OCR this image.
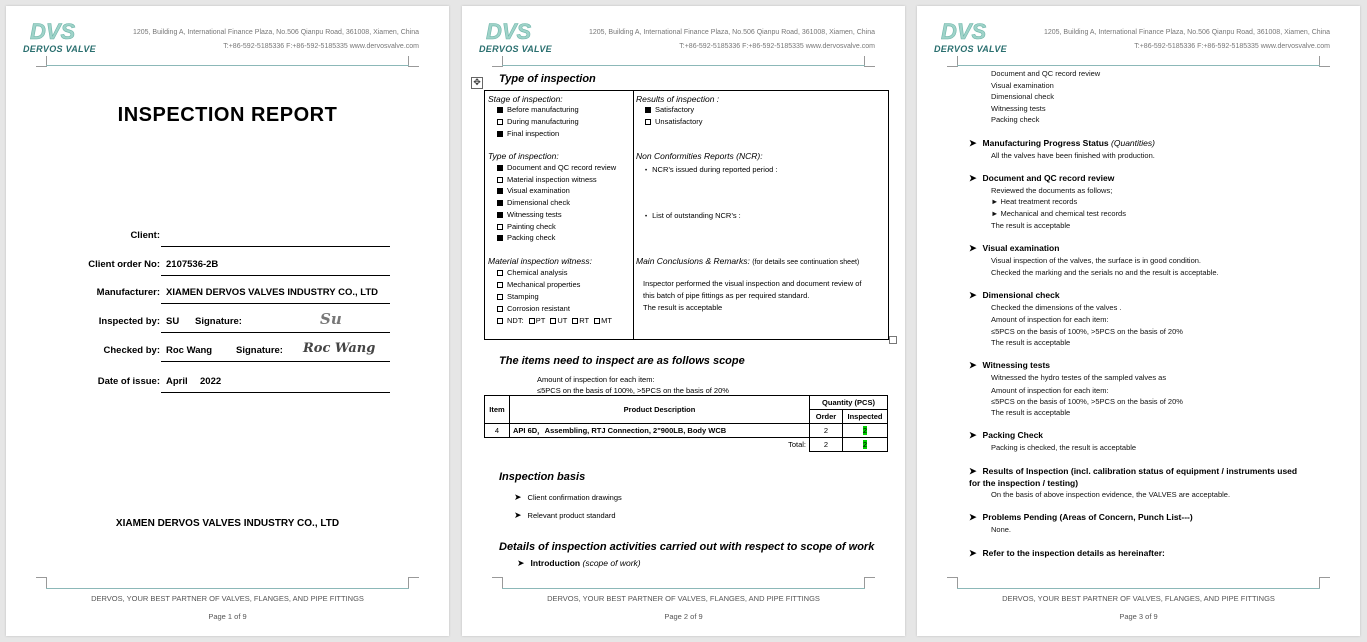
DVS
DERVOS VALVE
1205, Building A, International Finance Plaza, No.506 Qianpu Road, 361008, Xiamen, China
T:+86-592-5185336 F:+86-592-5185335 www.dervosvalve.com
INSPECTION REPORT
Client:
Client order No: 2107536-2B
Manufacturer: XIAMEN DERVOS VALVES INDUSTRY CO., LTD
Inspected by: SU Signature:	Su
Checked by: Roc Wang	Signature: Roc Wang
Date of issue: April 2022
XIAMEN DERVOS VALVES INDUSTRY CO., LTD
DERVOS, YOUR BEST PARTNER OF VALVES, FLANGES, AND PIPE FITTINGS
Page 1 of 9
DVS
DERVOS VALVE
1205, Building A, International Finance Plaza, No.506 Qianpu Road, 361008, Xiamen, China
T:+86-592-5185336 F:+86-592-5185335 www.dervosvalve.com
✥ Type of inspection
Stage of inspection:
Before manufacturing
During manufacturing
Final inspection
Type of inspection:
Document and QC record review
Material inspection witness
Visual examination
Dimensional check
Witnessing tests
Painting check
Packing check
Material inspection witness:
Chemical analysis
Mechanical properties
Stamping
Corrosion resistant
NDT: PT UT RT MT
Results of inspection :
Satisfactory
Unsatisfactory
Non Conformities Reports (NCR):
• NCR’s issued during reported period :
• List of outstanding NCR’s :
Main Conclusions & Remarks: (for details see continuation sheet)
Inspector performed the visual inspection and document review of
this batch of pipe fittings as per required standard.
The result is acceptable
The items need to inspect are as follows scope
Amount of inspection for each item:
≤5PCS on the basis of 100%, >5PCS on the basis of 20%
Item	Product Description	Quantity (PCS)	
		Order	Inspected
4	API 6D，Assembling, RTJ Connection, 2"900LB, Body WCB	2	2
Total:		2	2
Inspection basis
➤ Client confirmation drawings
➤ Relevant product standard
Details of inspection activities carried out with respect to scope of work
➤ Introduction (scope of work)
DERVOS, YOUR BEST PARTNER OF VALVES, FLANGES, AND PIPE FITTINGS
Page 2 of 9
DVS
DERVOS VALVE
1205, Building A, International Finance Plaza, No.506 Qianpu Road, 361008, Xiamen, China
T:+86-592-5185336 F:+86-592-5185335 www.dervosvalve.com
Document and QC record review
Visual examination
Dimensional check
Witnessing tests
Packing check
➤ Manufacturing Progress Status (Quantities)
All the valves have been finished with production.
➤ Document and QC record review
Reviewed the documents as follows;
► Heat treatment records
► Mechanical and chemical test records
The result is acceptable
➤ Visual examination
Visual inspection of the valves, the surface is in good condition.
Checked the marking and the serials no and the result is acceptable.
➤ Dimensional check
Checked the dimensions of the valves .
Amount of inspection for each item:
≤5PCS on the basis of 100%, >5PCS on the basis of 20%
The result is acceptable
➤ Witnessing tests
Witnessed the hydro testes of the sampled valves as
Amount of inspection for each item:
≤5PCS on the basis of 100%, >5PCS on the basis of 20%
The result is acceptable
➤ Packing Check
Packing is checked, the result is acceptable
➤ Results of Inspection (incl. calibration status of equipment / instruments used
for the inspection / testing)
On the basis of above inspection evidence, the VALVES are acceptable.
➤ Problems Pending (Areas of Concern, Punch List---)
None.
➤ Refer to the inspection details as hereinafter:
DERVOS, YOUR BEST PARTNER OF VALVES, FLANGES, AND PIPE FITTINGS
Page 3 of 9
